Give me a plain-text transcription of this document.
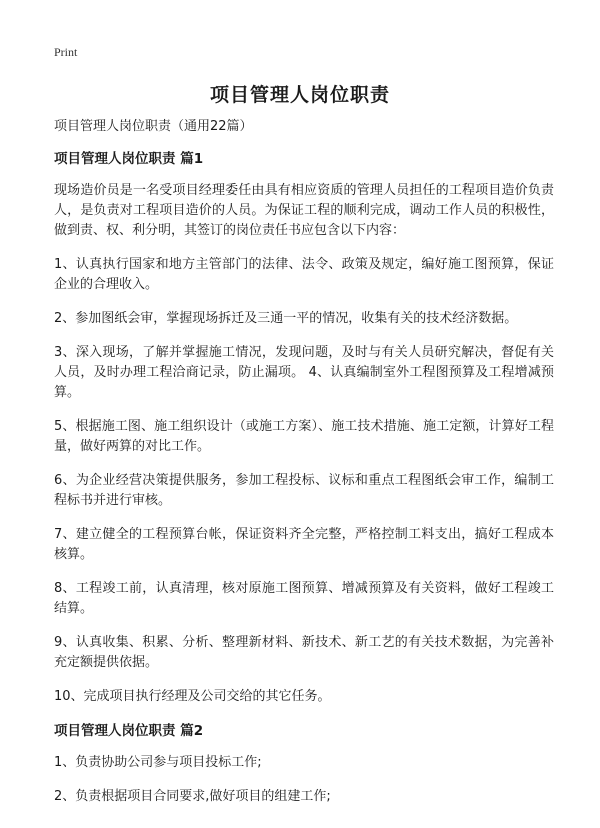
Print
项目管理人岗位职责

项目管理人岗位职责（通用22篇）

项目管理人岗位职责 篇1

现场造价员是一名受项目经理委任由具有相应资质的管理人员担任的工程项目造价负责人，是负责对工程项目造价的人员。为保证工程的顺利完成，调动工作人员的积极性，做到责、权、利分明，其签订的岗位责任书应包含以下内容：

1、认真执行国家和地方主管部门的法律、法令、政策及规定，编好施工图预算，保证企业的合理收入。

2、参加图纸会审，掌握现场拆迁及三通一平的情况，收集有关的技术经济数据。

3、深入现场，了解并掌握施工情况，发现问题，及时与有关人员研究解决，督促有关人员，及时办理工程洽商记录，防止漏项。 4、认真编制室外工程图预算及工程增减预算。

5、根据施工图、施工组织设计（或施工方案）、施工技术措施、施工定额，计算好工程量，做好两算的对比工作。

6、为企业经营决策提供服务，参加工程投标、议标和重点工程图纸会审工作，编制工程标书并进行审核。

7、建立健全的工程预算台帐，保证资料齐全完整，严格控制工料支出，搞好工程成本核算。

8、工程竣工前，认真清理，核对原施工图预算、增减预算及有关资料，做好工程竣工结算。

9、认真收集、积累、分析、整理新材料、新技术、新工艺的有关技术数据，为完善补充定额提供依据。

10、完成项目执行经理及公司交给的其它任务。

项目管理人岗位职责 篇2

1、负责协助公司参与项目投标工作;

2、负责根据项目合同要求,做好项目的组建工作;
